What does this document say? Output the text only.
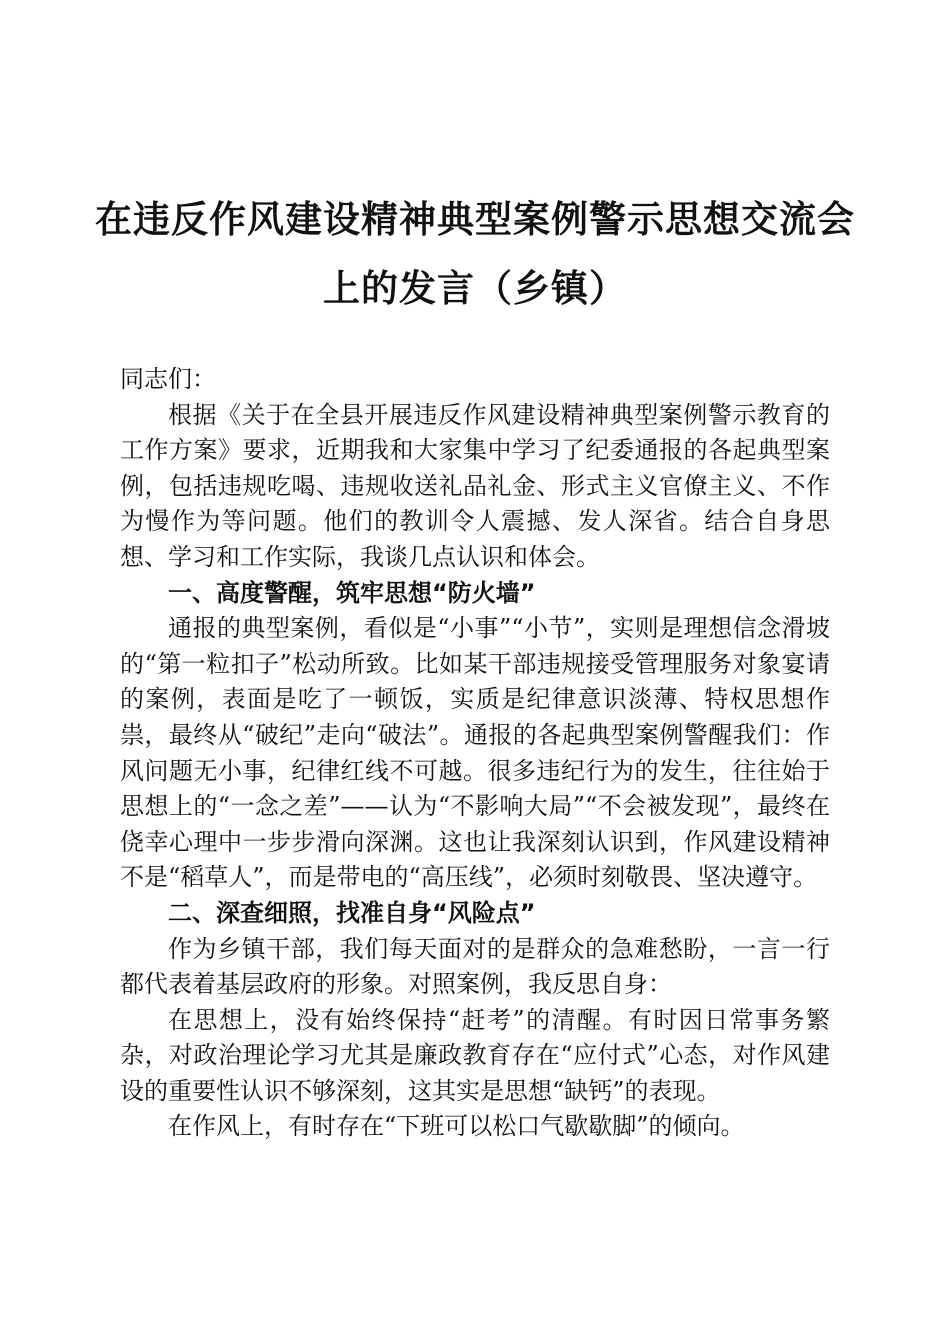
在违反作风建设精神典型案例警示思想交流会
上的发言（乡镇）

同志们：

根据《关于在全县开展违反作风建设精神典型案例警示教育的工作方案》要求，近期我和大家集中学习了纪委通报的各起典型案例，包括违规吃喝、违规收送礼品礼金、形式主义官僚主义、不作为慢作为等问题。他们的教训令人震撼、发人深省。结合自身思想、学习和工作实际，我谈几点认识和体会。

一、高度警醒，筑牢思想“防火墙”

通报的典型案例，看似是“小事”“小节”，实则是理想信念滑坡的“第一粒扣子”松动所致。比如某干部违规接受管理服务对象宴请的案例，表面是吃了一顿饭，实质是纪律意识淡薄、特权思想作祟，最终从“破纪”走向“破法”。通报的各起典型案例警醒我们：作风问题无小事，纪律红线不可越。很多违纪行为的发生，往往始于思想上的“一念之差”——认为“不影响大局”“不会被发现”，最终在侥幸心理中一步步滑向深渊。这也让我深刻认识到，作风建设精神不是“稻草人”，而是带电的“高压线”，必须时刻敬畏、坚决遵守。

二、深查细照，找准自身“风险点”

作为乡镇干部，我们每天面对的是群众的急难愁盼，一言一行都代表着基层政府的形象。对照案例，我反思自身：

在思想上，没有始终保持“赶考”的清醒。有时因日常事务繁杂，对政治理论学习尤其是廉政教育存在“应付式”心态，对作风建设的重要性认识不够深刻，这其实是思想“缺钙”的表现。

在作风上，有时存在“下班可以松口气歇歇脚”的倾向。
